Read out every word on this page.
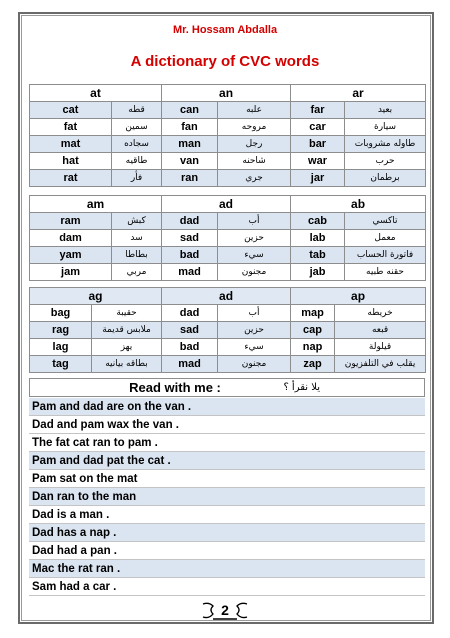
Mr. Hossam Abdalla
A dictionary of CVC words
at		an		ar	
cat	قطه	can	علبه	far	بعيد
fat	سمين	fan	مروحه	car	سيارة
mat	سجاده	man	رجل	bar	طاوله مشروبات
hat	طاقيه	van	شاحنه	war	حرب
rat	فأر	ran	جري	jar	برطمان
am		ad		ab	
ram	كبش	dad	أب	cab	تاكسي
dam	سد	sad	حزين	lab	معمل
yam	بطاطا	bad	سيء	tab	فاتورة الحساب
jam	مربي	mad	مجنون	jab	حقنه طبيه
ag		ad		ap	
bag	حقيبة	dad	أب	map	خريطه
rag	ملابس قديمة	sad	حزين	cap	قبعه
lag	يهز	bad	سيء	nap	قيلولة
tag	بطاقه بيانيه	mad	مجنون	zap	يقلب في التلفزيون
Read with me :	يلا نقرأ ؟
Pam and dad are on the van .
Dad and pam wax the van .
The fat cat ran to pam .
Pam and dad pat the cat .
Pam sat on the mat
Dan ran to the man
Dad is a man .
Dad has a nap .
Dad had a pan .
Mac the rat ran .
Sam had a car .
2
